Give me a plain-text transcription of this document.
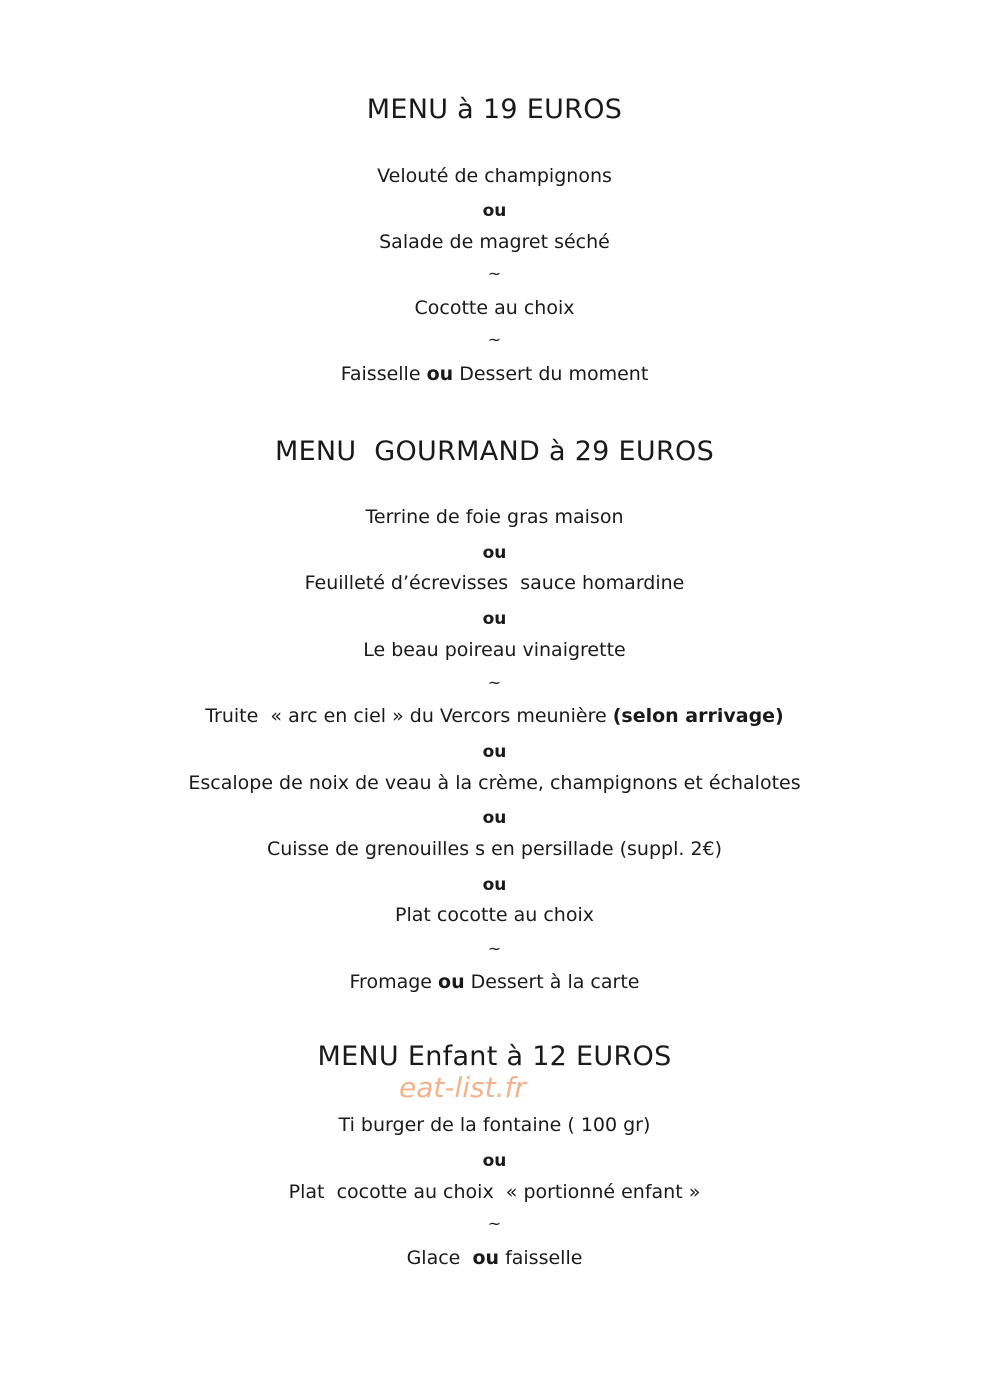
MENU à 19 EUROS
Velouté de champignons
ou
Salade de magret séché
~
Cocotte au choix
~
Faisselle ou Dessert du moment
MENU  GOURMAND à 29 EUROS
Terrine de foie gras maison
ou
Feuilleté d’écrevisses  sauce homardine
ou
Le beau poireau vinaigrette
~
Truite  « arc en ciel » du Vercors meunière (selon arrivage)
ou
Escalope de noix de veau à la crème, champignons et échalotes
ou
Cuisse de grenouilles s en persillade (suppl. 2€)
ou
Plat cocotte au choix
~
Fromage ou Dessert à la carte
MENU Enfant à 12 EUROS
eat-list.fr
Ti burger de la fontaine ( 100 gr)
ou
Plat  cocotte au choix  « portionné enfant »
~
Glace  ou faisselle
